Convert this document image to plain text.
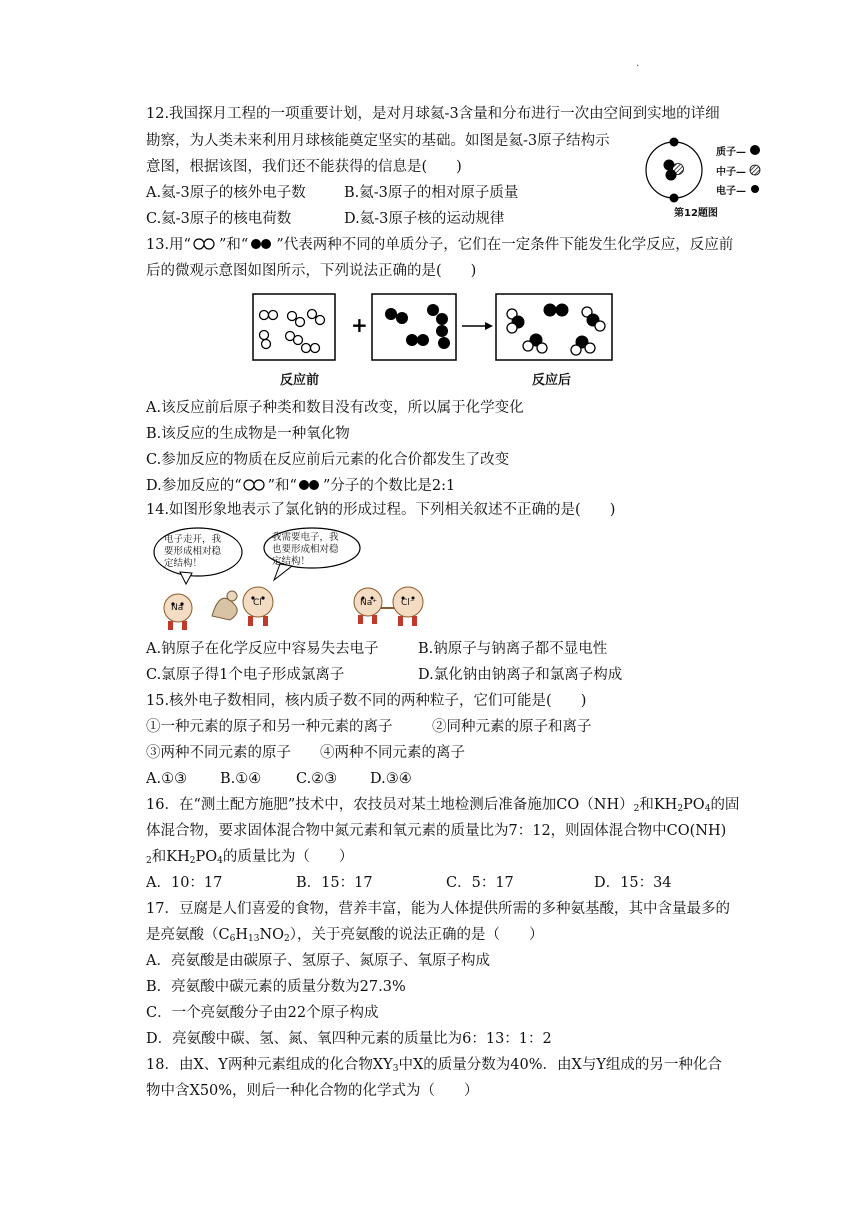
.
12.我国探月工程的一项重要计划，是对月球氦-3含量和分布进行一次由空间到实地的详细
勘察，为人类未来利用月球核能奠定坚实的基础。如图是氦-3原子结构示
意图，根据该图，我们还不能获得的信息是(　　)
A.氦-3原子的核外电子数	B.氦-3原子的相对原子质量
C.氦-3原子的核电荷数	D.氦-3原子核的运动规律
质子—
中子—
电子—
第12题图
13.用“ ”和“ ”代表两种不同的单质分子，它们在一定条件下能发生化学反应，反应前
后的微观示意图如图所示，下列说法正确的是(　　)
+
反应前	反应后
A.该反应前后原子种类和数目没有改变，所以属于化学变化
B.该反应的生成物是一种氧化物
C.参加反应的物质在反应前后元素的化合价都发生了改变
D.参加反应的“ ”和“ ”分子的个数比是2:1
14.如图形象地表示了氯化钠的形成过程。下列相关叙述不正确的是(　　)
电子走开，我
要形成相对稳
定结构！
我需要电子，我
也要形成相对稳
定结构！
Na	Cl	Na⁺	Cl⁻
A.钠原子在化学反应中容易失去电子	B.钠原子与钠离子都不显电性
C.氯原子得1个电子形成氯离子	D.氯化钠由钠离子和氯离子构成
15.核外电子数相同，核内质子数不同的两种粒子，它们可能是(　　)
①一种元素的原子和另一种元素的离子	②同种元素的原子和离子
③两种不同元素的原子 ④两种不同元素的离子
A.①③ B.①④ C.②③ D.③④
16．在“测土配方施肥”技术中，农技员对某土地检测后准备施加$CO(NH)_2$和$KH_2PO_4$的固
体混合物，要求固体混合物中氮元素和氧元素的质量比为7：12，则固体混合物中CO(NH)
$_2$和$KH_2PO_4$的质量比为（　　）
A．10：17	B．15：17	C．5：17	D．15：34
17．豆腐是人们喜爱的食物，营养丰富，能为人体提供所需的多种氨基酸，其中含量最多的
是亮氨酸$(C_6H_{13}NO_2)$，关于亮氨酸的说法正确的是（　　）
A．亮氨酸是由碳原子、氢原子、氮原子、氧原子构成
B．亮氨酸中碳元素的质量分数为27.3%
C．一个亮氨酸分子由22个原子构成
D．亮氨酸中碳、氢、氮、氧四种元素的质量比为6：13：1：2
18．由X、Y两种元素组成的化合物$XY_3$中X的质量分数为40%．由X与Y组成的另一种化合
物中含X50%，则后一种化合物的化学式为（　　）
